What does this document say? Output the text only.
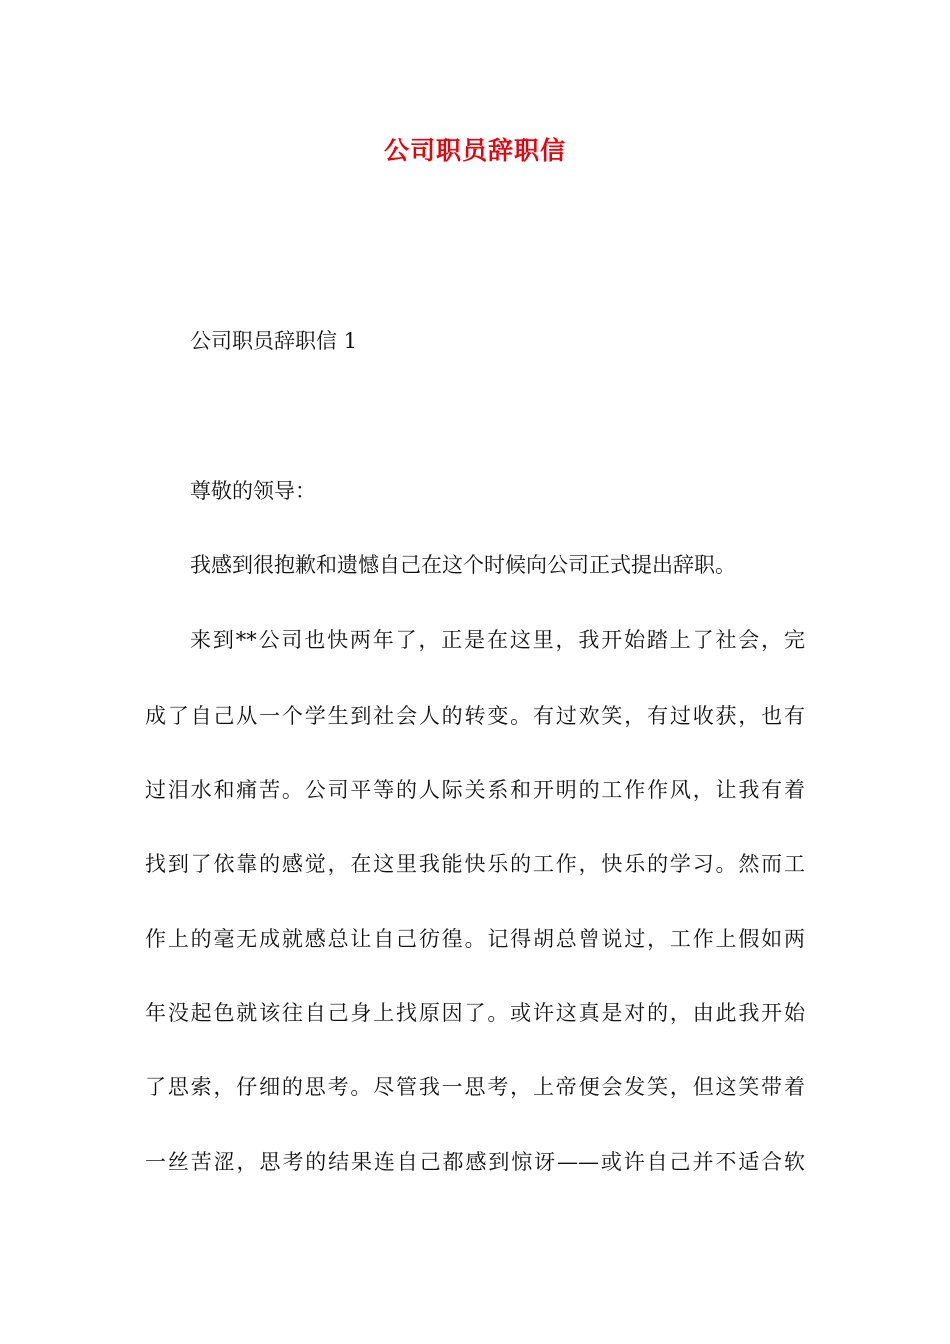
公司职员辞职信
公司职员辞职信 1
尊敬的领导：
我感到很抱歉和遗憾自己在这个时候向公司正式提出辞职。
来到**公司也快两年了，正是在这里，我开始踏上了社会，完
成了自己从一个学生到社会人的转变。有过欢笑，有过收获，也有
过泪水和痛苦。公司平等的人际关系和开明的工作作风，让我有着
找到了依靠的感觉，在这里我能快乐的工作，快乐的学习。然而工
作上的毫无成就感总让自己彷徨。记得胡总曾说过，工作上假如两
年没起色就该往自己身上找原因了。或许这真是对的，由此我开始
了思索，仔细的思考。尽管我一思考，上帝便会发笑，但这笑带着
一丝苦涩，思考的结果连自己都感到惊讶——或许自己并不适合软
